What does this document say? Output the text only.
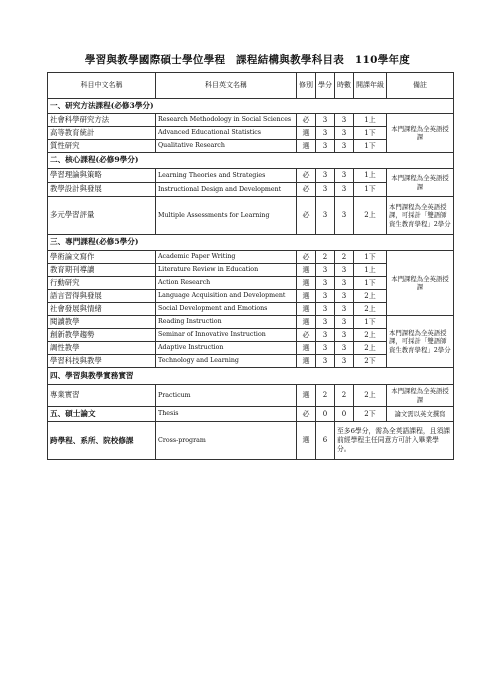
學習與教學國際碩士學位學程　課程結構與教學科目表　110學年度
科目中文名稱	科目英文名稱	修別	學分	時數	開課年級	備註
一、研究方法課程(必修3學分)						
社會科學研究方法	Research Methodology in Social Sciences	必	3	3	1上	本門課程為全英語授課
高等教育統計	Advanced Educational Statistics	選	3	3	1下	
質性研究	Qualitative Research	選	3	3	1下	
二、核心課程(必修9學分)						
學習理論與策略	Learning Theories and Strategies	必	3	3	1上	本門課程為全英語授課
教學設計與發展	Instructional Design and Development	必	3	3	1下	
多元學習評量	Multiple Assessments for Learning	必	3	3	2上	本門課程為全英語授課，可採計「雙語師資生教育學程」2學分
三、專門課程(必修5學分)						
學術論文寫作	Academic Paper Writing	必	2	2	1下	本門課程為全英語授課
教育期刊導讀	Literature Review in Education	選	3	3	1上	
行動研究	Action Research	選	3	3	1下	
語言習得與發展	Language Acquisition and Development	選	3	3	2上	
社會發展與情緒	Social Development and Emotions	選	3	3	2上	
閱讀教學	Reading Instruction	選	3	3	1下	本門課程為全英語授課，可採計「雙語師資生教育學程」2學分
創新教學趨勢	Seminar of Innovative Instruction	必	3	3	2上	
調性教學	Adaptive Instruction	選	3	3	2上	
學習科技與教學	Technology and Learning	選	3	3	2下	
四、學習與教學實務實習						
專業實習	Practicum	選	2	2	2上	本門課程為全英語授課
五、碩士論文	Thesis	必	0	0	2下	論文需以英文撰寫
跨學程、系所、院校修課	Cross-program	選	6	至多6學分，需為全英語課程，且須課前經學程主任同意方可計入畢業學分。		
